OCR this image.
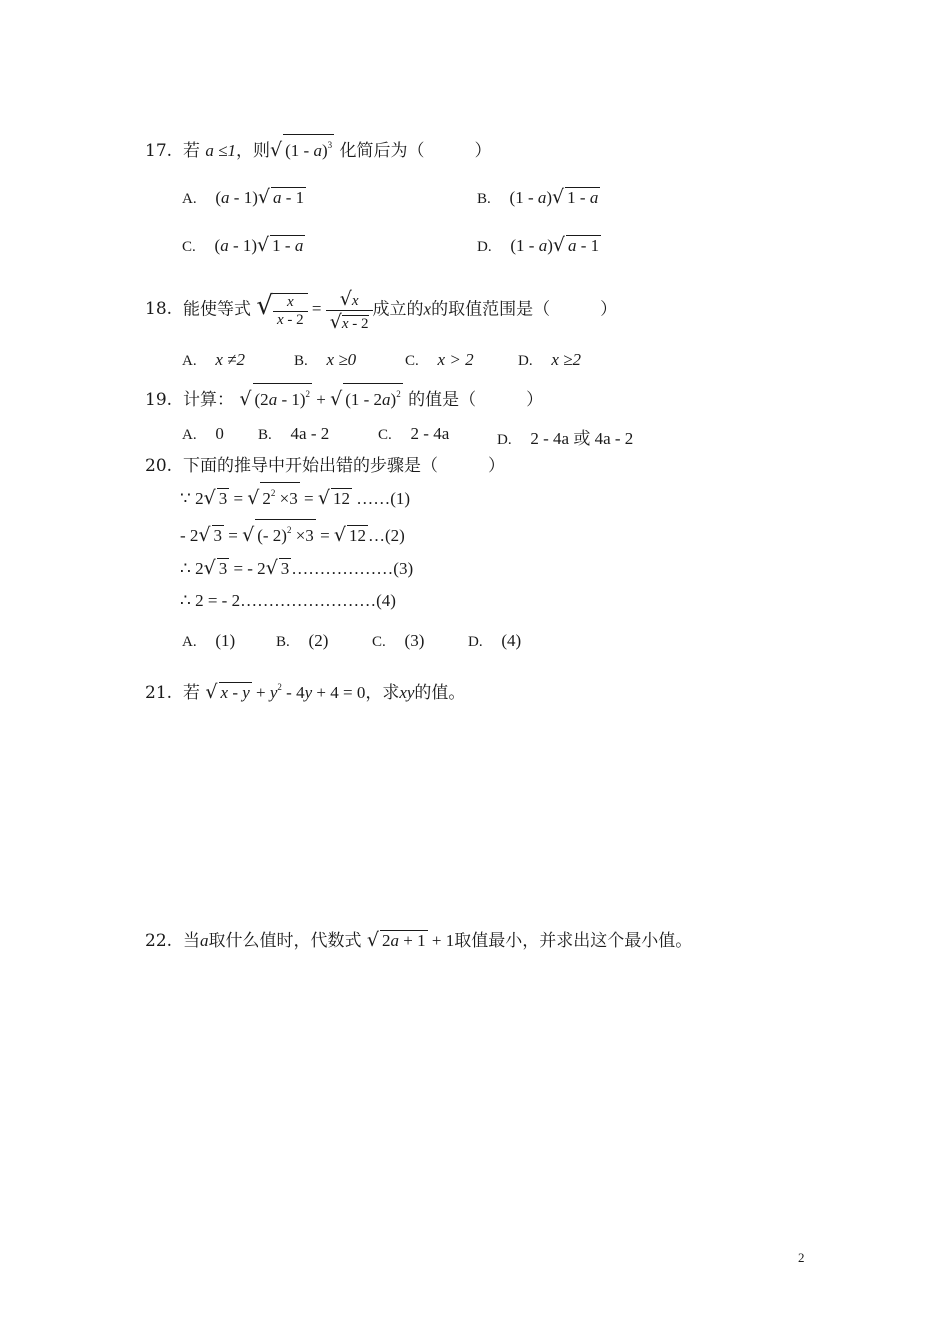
17. 若 a ≤1，则√ (1 - a)$^3$ 化简后为（	）
A. (a - 1)√ a - 1	B. (1 - a)√ 1 - a
C. (a - 1)√ 1 - a	D. (1 - a)√ a - 1
18. 能使等式 √ $\frac{x}{x - 2} = \frac{√x}{√x - 2}$ 成立的x的取值范围是（	）
A. x ≠2	B. x ≥0	C. x > 2	D. x ≥2
19. 计算： √ (2a - 1)$^2$ + √ (1 - 2a)$^2$ 的值是（	）
A. 0 B. 4a - 2	C. 2 - 4a	D. 2 - 4a 或 4a - 2
20. 下面的推导中开始出错的步骤是（	）
∵ 2√ 3 = √ $2^2 \times 3$ = √ 12 ……(1)
- 2√ 3 = √ (- 2)$^2$ ×3 = √ 12 …(2)
∴ 2√ 3 = - 2√ 3 ………………(3)
∴ 2 = - 2……………………(4)
A. (1)	B. (2)	C. (3)	D. (4)
21. 若 √ $x - y + y^2 - 4y + 4 = 0$，求xy的值。
22. 当a取什么值时，代数式 √ 2a + 1 + 1取值最小，并求出这个最小值。
2
